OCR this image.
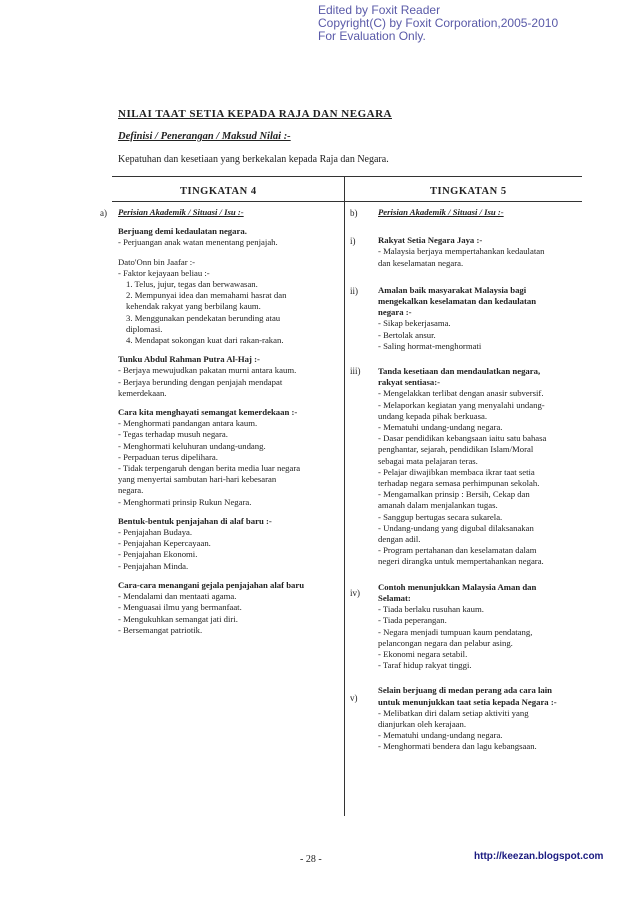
Edited by Foxit Reader
Copyright(C) by Foxit Corporation,2005-2010
For Evaluation Only.
NILAI TAAT SETIA KEPADA RAJA DAN NEGARA
Definisi / Penerangan / Maksud Nilai :-
Kepatuhan dan kesetiaan yang berkekalan kepada Raja dan Negara.
TINGKATAN 4	TINGKATAN 5
a) Perisian Akademik / Situasi / Isu :-

Berjuang demi kedaulatan negara.

- Perjuangan anak watan menentang penjajah.

Dato'Onn bin Jaafar :-

- Faktor kejayaan beliau :-

1. Telus, jujur, tegas dan berwawasan.

2. Mempunyai idea dan memahami hasrat dan

kehendak rakyat yang berbilang kaum.

3. Menggunakan pendekatan berunding atau

diplomasi.

4. Mendapat sokongan kuat dari rakan-rakan.

Tunku Abdul Rahman Putra Al-Haj :-

- Berjaya mewujudkan pakatan murni antara kaum.

- Berjaya berunding dengan penjajah mendapat

kemerdekaan.

Cara kita menghayati semangat kemerdekaan :-

- Menghormati pandangan antara kaum.

- Tegas terhadap musuh negara.

- Menghormati keluhuran undang-undang.

- Perpaduan terus dipelihara.

- Tidak terpengaruh dengan berita media luar negara

yang menyertai sambutan hari-hari kebesaran

negara.

- Menghormati prinsip Rukun Negara.

Bentuk-bentuk penjajahan di alaf baru :-

- Penjajahan Budaya.

- Penjajahan Kepercayaan.

- Penjajahan Ekonomi.

- Penjajahan Minda.

Cara-cara menangani gejala penjajahan alaf baru

- Mendalami dan mentaati agama.

- Menguasai ilmu yang bermanfaat.

- Mengukuhkan semangat jati diri.

- Bersemangat patriotik.

b)
i)
ii)
iii)
iv)
v)

Perisian Akademik / Situasi / Isu :-

Rakyat Setia Negara Jaya :-

- Malaysia berjaya mempertahankan kedaulatan

dan keselamatan negara.

Amalan baik masyarakat Malaysia bagi

mengekalkan keselamatan dan kedaulatan

negara :-

- Sikap bekerjasama.

- Bertolak ansur.

- Saling hormat-menghormati

Tanda kesetiaan dan mendaulatkan negara,

rakyat sentiasa:-

- Mengelakkan terlibat dengan anasir subversif.

- Melaporkan kegiatan yang menyalahi undang-

undang kepada pihak berkuasa.

- Mematuhi undang-undang negara.

- Dasar pendidikan kebangsaan iaitu satu bahasa

penghantar, sejarah, pendidikan Islam/Moral

sebagai mata pelajaran teras.

- Pelajar diwajibkan membaca ikrar taat setia

terhadap negara semasa perhimpunan sekolah.

- Mengamalkan prinsip : Bersih, Cekap dan

amanah dalam menjalankan tugas.

- Sanggup bertugas secara sukarela.

- Undang-undang yang digubal dilaksanakan

dengan adil.

- Program pertahanan dan keselamatan dalam

negeri dirangka untuk mempertahankan negara.

Contoh menunjukkan Malaysia Aman dan

Selamat:

- Tiada berlaku rusuhan kaum.

- Tiada peperangan.

- Negara menjadi tumpuan kaum pendatang,

pelancongan negara dan pelabur asing.

- Ekonomi negara setabil.

- Taraf hidup rakyat tinggi.

Selain berjuang di medan perang ada cara lain

untuk menunjukkan taat setia kepada Negara :-

- Melibatkan diri dalam setiap aktiviti yang

dianjurkan oleh kerajaan.

- Mematuhi undang-undang negara.

- Menghormati bendera dan lagu kebangsaan.

- 28 -	http://keezan.blogspot.com
